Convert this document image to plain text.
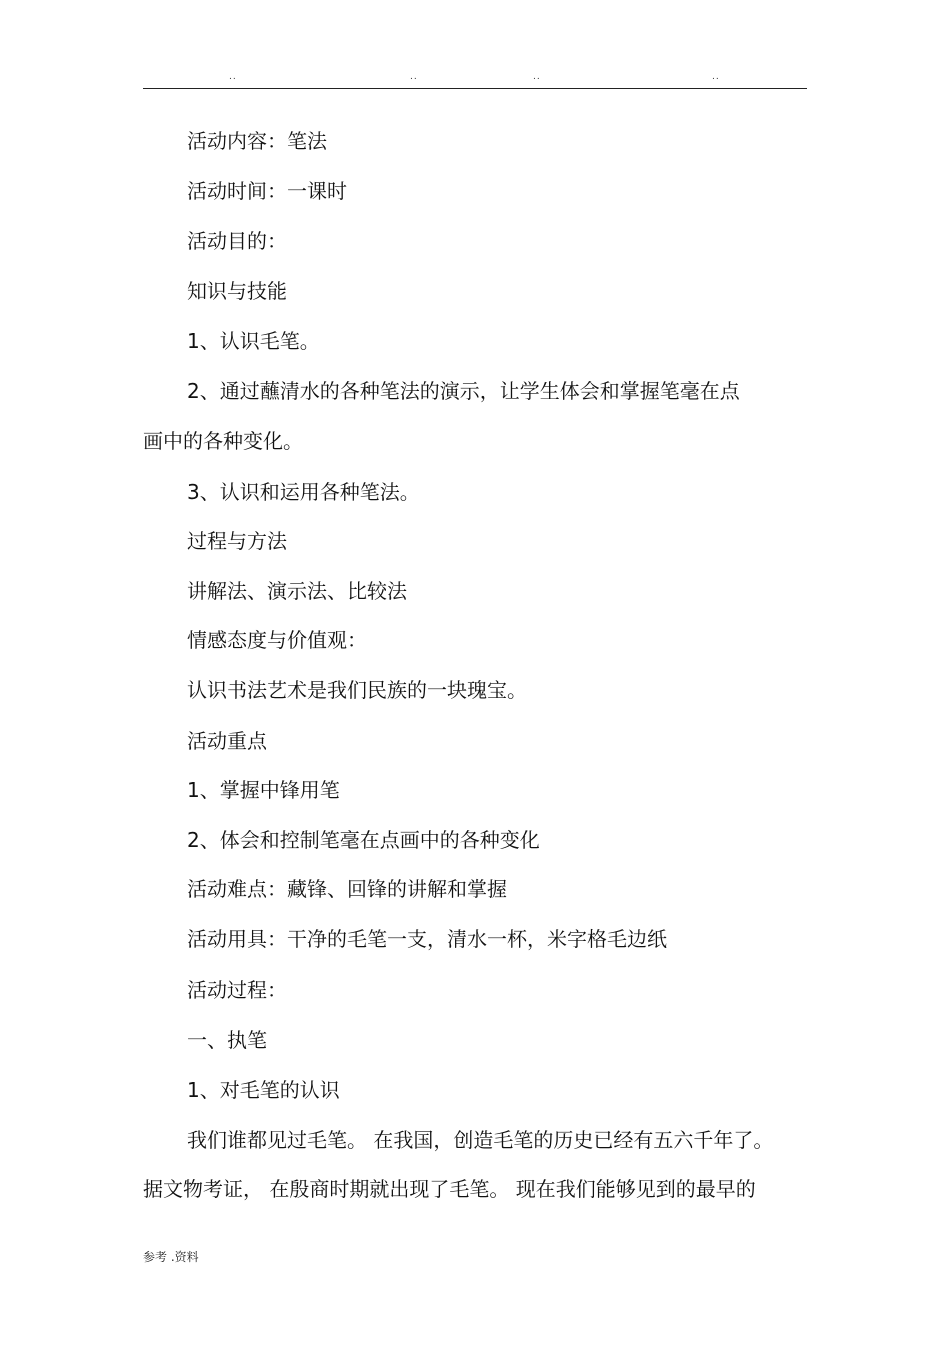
..	..	..	..
活动内容：笔法
活动时间：一课时
活动目的：
知识与技能
1、认识毛笔。
2、通过蘸清水的各种笔法的演示，让学生体会和掌握笔毫在点
画中的各种变化。
3、认识和运用各种笔法。
过程与方法
讲解法、演示法、比较法
情感态度与价值观：
认识书法艺术是我们民族的一块瑰宝。
活动重点
1、掌握中锋用笔
2、体会和控制笔毫在点画中的各种变化
活动难点：藏锋、回锋的讲解和掌握
活动用具：干净的毛笔一支，清水一杯，米字格毛边纸
活动过程：
一、执笔
1、对毛笔的认识
我们谁都见过毛笔。 在我国，创造毛笔的历史已经有五六千年了。
据文物考证， 在殷商时期就出现了毛笔。 现在我们能够见到的最早的
参考 .资料
